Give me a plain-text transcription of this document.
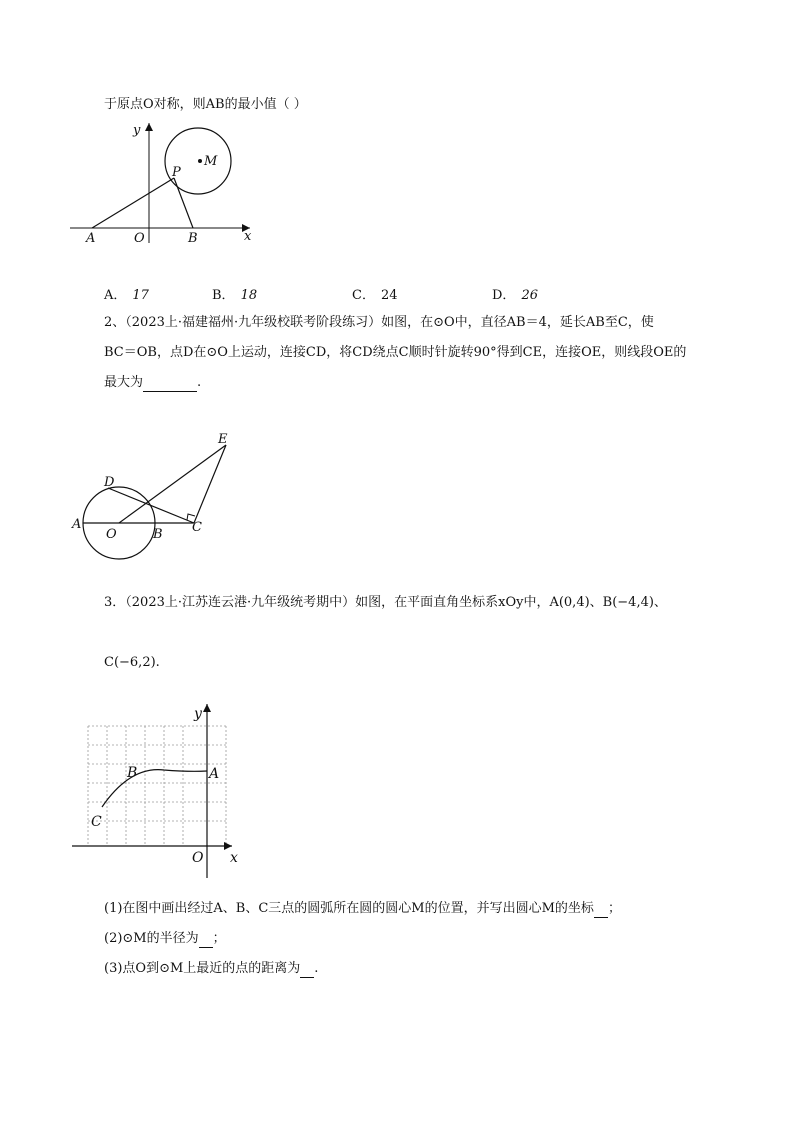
于原点O对称，则AB的最小值（ ）
y
x
M
P
A	O	B
A． 17	B． 18	C． 24	D． 26
2、（2023上·福建福州·九年级校联考阶段练习）如图，在⊙O中，直径AB＝4，延长AB至C，使
BC＝OB，点D在⊙O上运动，连接CD，将CD绕点C顺时针旋转90°得到CE，连接OE，则线段OE的
最大为	.
E
D
A
O	B C
3．（2023上·江苏连云港·九年级统考期中）如图，在平面直角坐标系xOy中，A(0,4)、B(−4,4)、
C(−6,2).
y
x
O
A
B
C
(1)在图中画出经过A、B、C三点的圆弧所在圆的圆心M的位置，并写出圆心M的坐标 ；
(2)⊙M的半径为 ；
(3)点O到⊙M上最近的点的距离为 .
